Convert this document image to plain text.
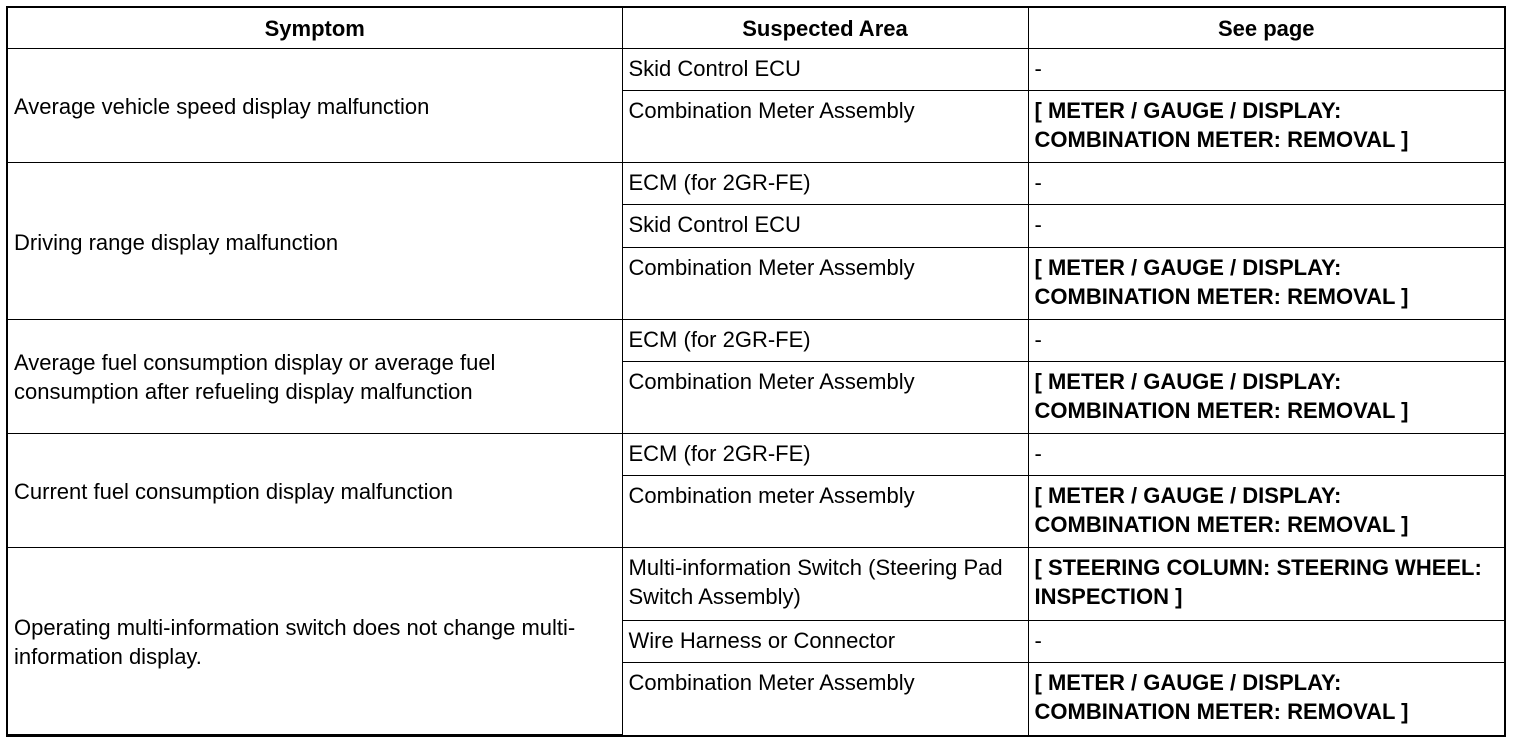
Symptom	Suspected Area	See page
Average vehicle speed display malfunction	Skid Control ECU	-
	Combination Meter Assembly	[ METER / GAUGE / DISPLAY: COMBINATION METER: REMOVAL ]
Driving range display malfunction	ECM (for 2GR-FE)	-
	Skid Control ECU	-
	Combination Meter Assembly	[ METER / GAUGE / DISPLAY: COMBINATION METER: REMOVAL ]
Average fuel consumption display or average fuel consumption after refueling display malfunction	ECM (for 2GR-FE)	-
	Combination Meter Assembly	[ METER / GAUGE / DISPLAY: COMBINATION METER: REMOVAL ]
Current fuel consumption display malfunction	ECM (for 2GR-FE)	-
	Combination meter Assembly	[ METER / GAUGE / DISPLAY: COMBINATION METER: REMOVAL ]
Operating multi-information switch does not change multi-information display.	Multi-information Switch (Steering Pad Switch Assembly)	[ STEERING COLUMN: STEERING WHEEL: INSPECTION ]
	Wire Harness or Connector	-
	Combination Meter Assembly	[ METER / GAUGE / DISPLAY: COMBINATION METER: REMOVAL ]
